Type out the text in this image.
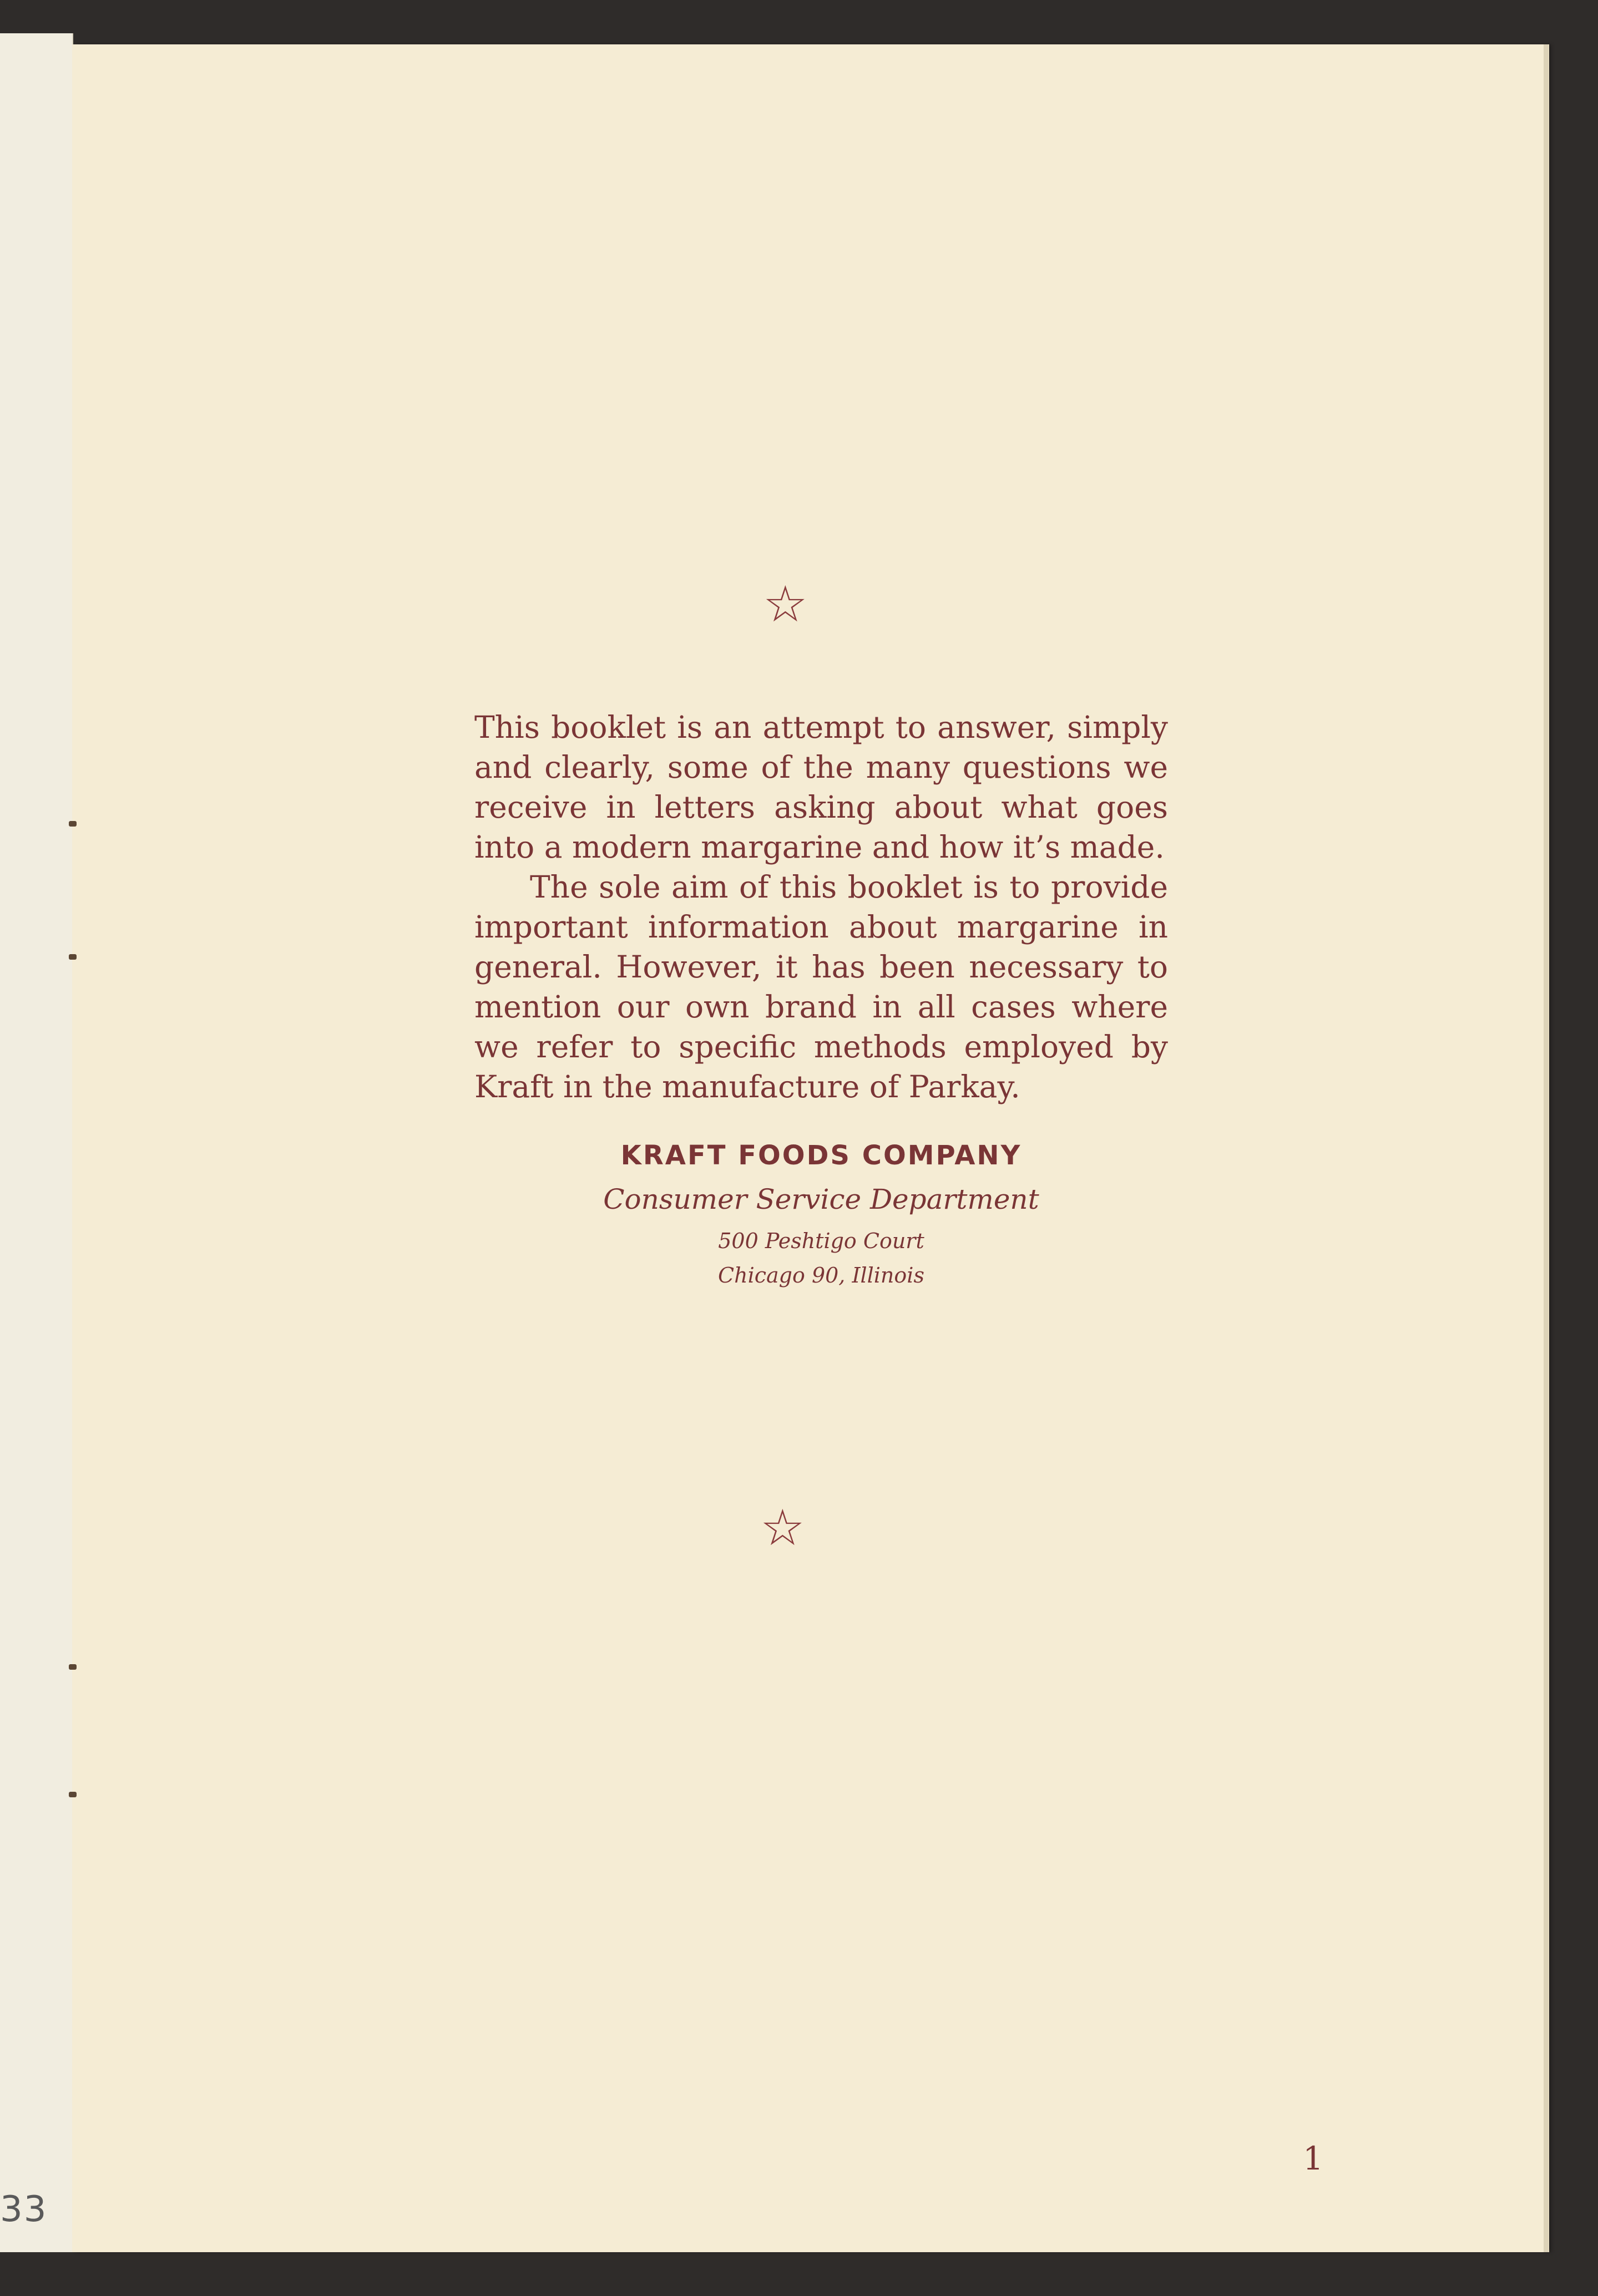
33
☆

This booklet is an attempt to answer, simply and clearly, some of the many questions we receive in letters asking about what goes into a modern margarine and how it’s made.

The sole aim of this booklet is to provide important information about margarine in general. However, it has been necessary to mention our own brand in all cases where we refer to specific methods employed by Kraft in the manufacture of Parkay.

KRAFT FOODS COMPANY
Consumer Service Department
500 Peshtigo Court
Chicago 90, Illinois
☆
1
